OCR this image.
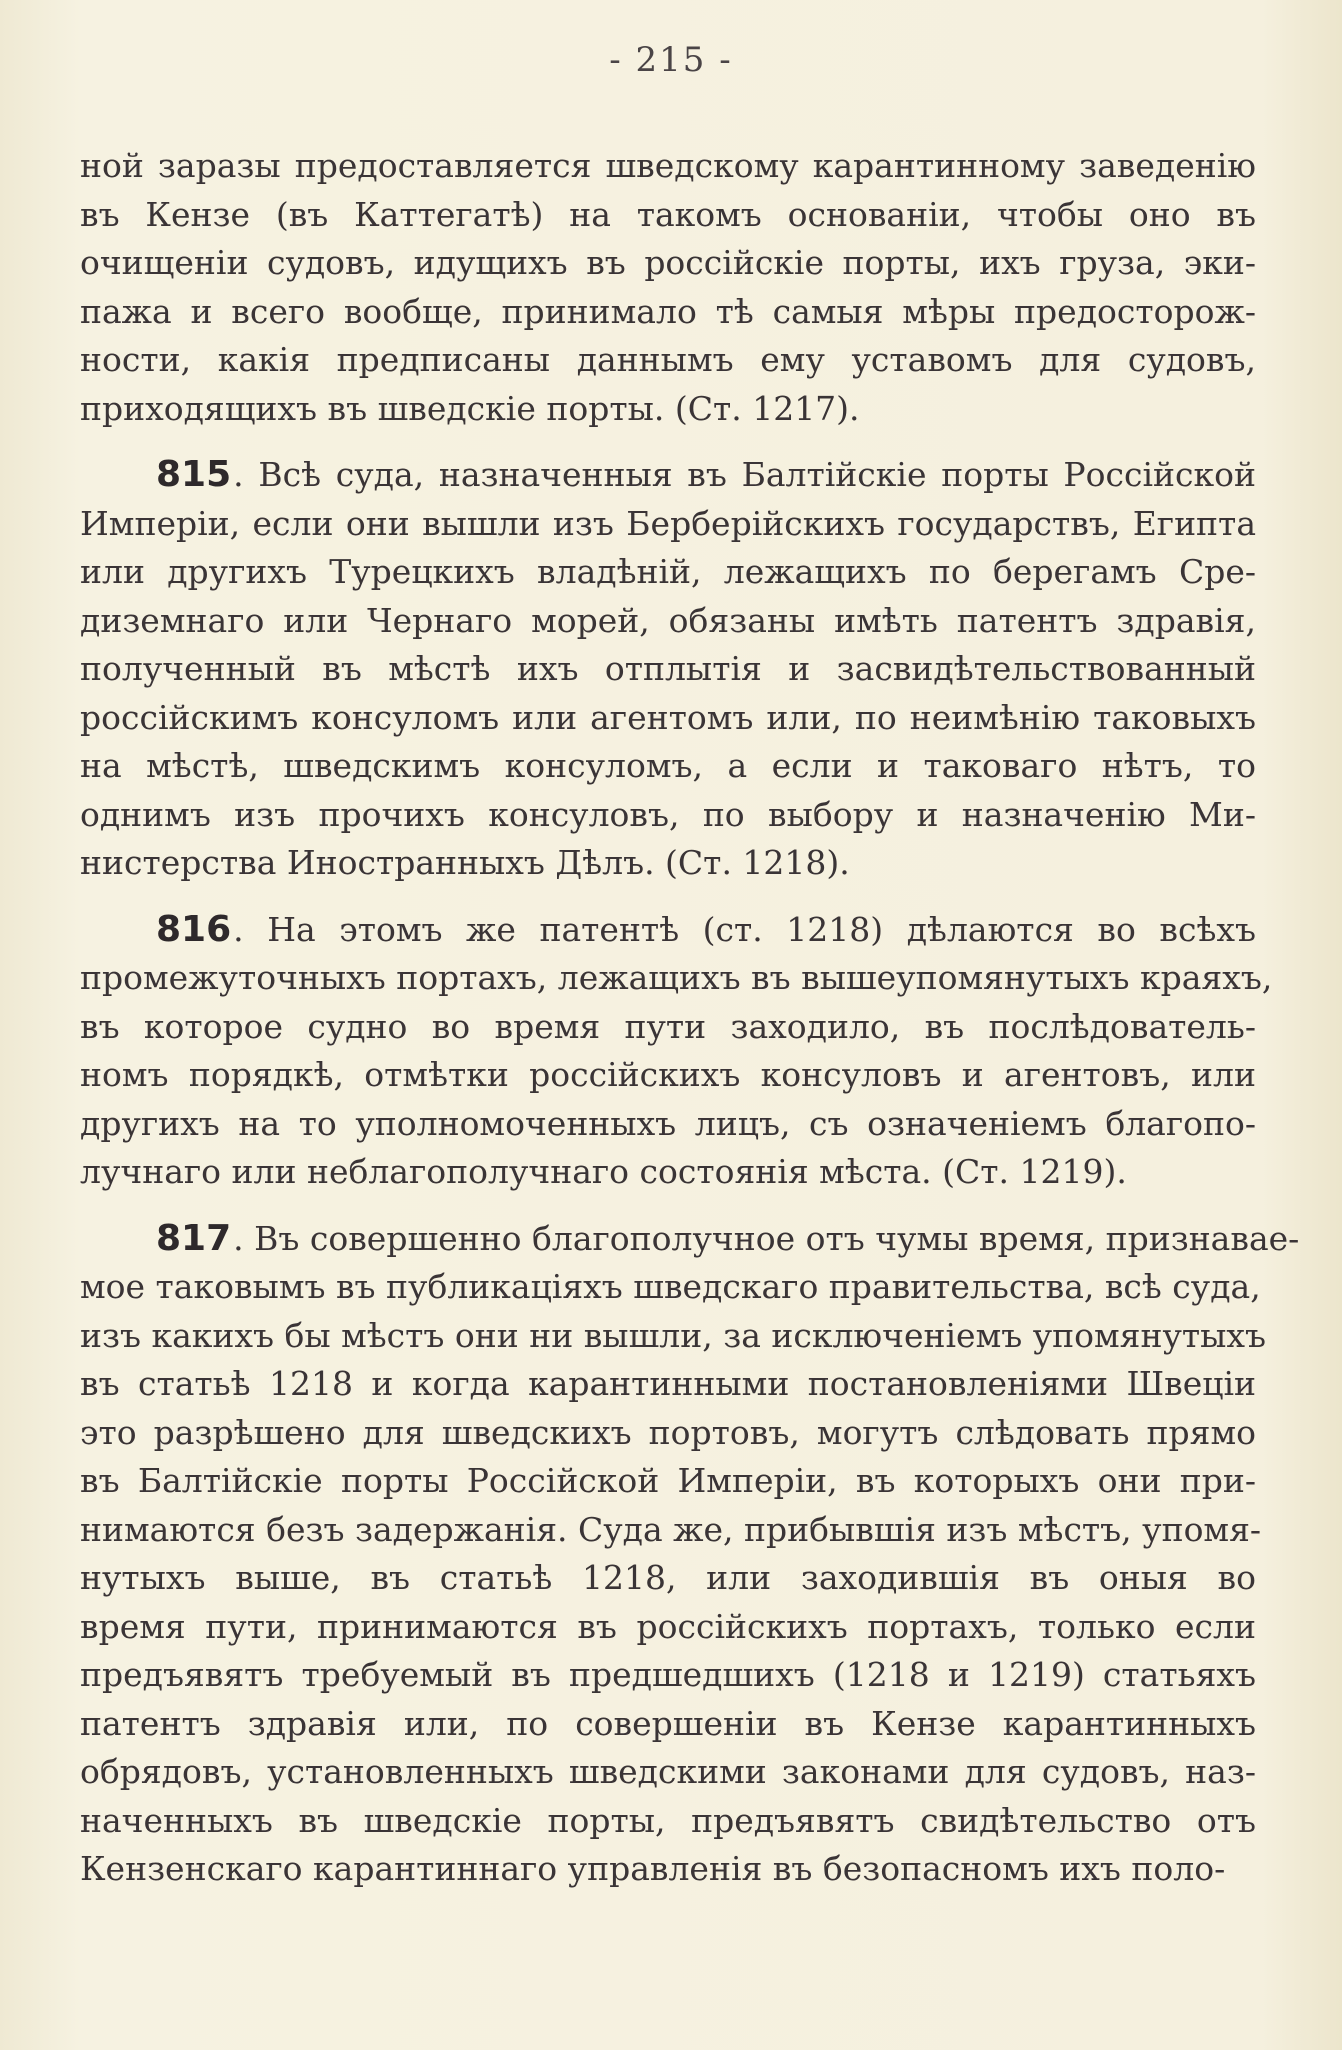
- 215 -
ной заразы предоставляется шведскому карантинному заведенію
въ Кензе (въ Каттегатѣ) на такомъ основаніи, чтобы оно въ
очищеніи судовъ, идущихъ въ россійскіе порты, ихъ груза, эки-
пажа и всего вообще, принимало тѣ самыя мѣры предосторож-
ности, какія предписаны даннымъ ему уставомъ для судовъ,
приходящихъ въ шведскіе порты. (Ст. 1217).
815. Всѣ суда, назначенныя въ Балтійскіе порты Россійской
Имперіи, если они вышли изъ Берберійскихъ государствъ, Египта
или другихъ Турецкихъ владѣній, лежащихъ по берегамъ Сре-
диземнаго или Чернаго морей, обязаны имѣть патентъ здравія,
полученный въ мѣстѣ ихъ отплытія и засвидѣтельствованный
россійскимъ консуломъ или агентомъ или, по неимѣнію таковыхъ
на мѣстѣ, шведскимъ консуломъ, а если и таковаго нѣтъ, то
однимъ изъ прочихъ консуловъ, по выбору и назначенію Ми-
нистерства Иностранныхъ Дѣлъ. (Ст. 1218).
816. На этомъ же патентѣ (ст. 1218) дѣлаются во всѣхъ
промежуточныхъ портахъ, лежащихъ въ вышеупомянутыхъ краяхъ,
въ которое судно во время пути заходило, въ послѣдователь-
номъ порядкѣ, отмѣтки россійскихъ консуловъ и агентовъ, или
другихъ на то уполномоченныхъ лицъ, съ означеніемъ благопо-
лучнаго или неблагополучнаго состоянія мѣста. (Ст. 1219).
817. Въ совершенно благополучное отъ чумы время, признавае-
мое таковымъ въ публикаціяхъ шведскаго правительства, всѣ суда,
изъ какихъ бы мѣстъ они ни вышли, за исключеніемъ упомянутыхъ
въ статьѣ 1218 и когда карантинными постановленіями Швеціи
это разрѣшено для шведскихъ портовъ, могутъ слѣдовать прямо
въ Балтійскіе порты Россійской Имперіи, въ которыхъ они при-
нимаются безъ задержанія. Суда же, прибывшія изъ мѣстъ, упомя-
нутыхъ выше, въ статьѣ 1218, или заходившія въ оныя во
время пути, принимаются въ россійскихъ портахъ, только если
предъявятъ требуемый въ предшедшихъ (1218 и 1219) статьяхъ
патентъ здравія или, по совершеніи въ Кензе карантинныхъ
обрядовъ, установленныхъ шведскими законами для судовъ, наз-
наченныхъ въ шведскіе порты, предъявятъ свидѣтельство отъ
Кензенскаго карантиннаго управленія въ безопасномъ ихъ поло-
